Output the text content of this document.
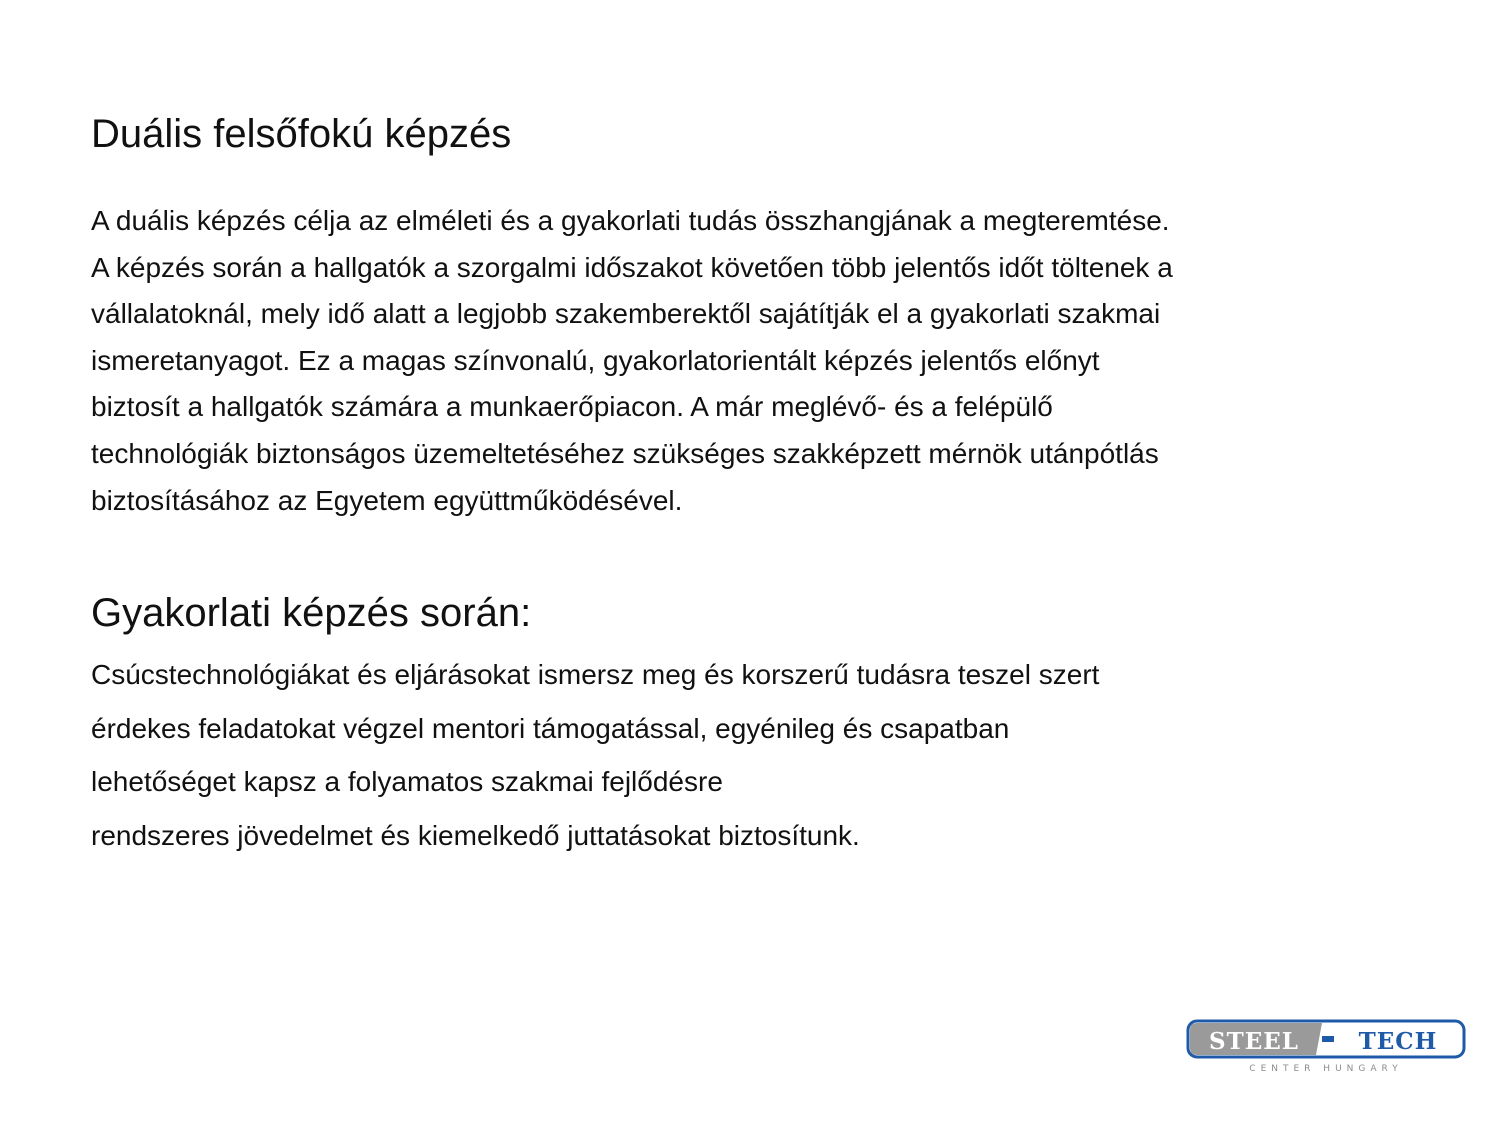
Duális felsőfokú képzés
A duális képzés célja az elméleti és a gyakorlati tudás összhangjának a megteremtése.
A képzés során a hallgatók a szorgalmi időszakot követően több jelentős időt töltenek a
vállalatoknál, mely idő alatt a legjobb szakemberektől sajátítják el a gyakorlati szakmai
ismeretanyagot. Ez a magas színvonalú, gyakorlatorientált képzés jelentős előnyt
biztosít a hallgatók számára a munkaerőpiacon. A már meglévő- és a felépülő
technológiák biztonságos üzemeltetéséhez szükséges szakképzett mérnök utánpótlás
biztosításához az Egyetem együttműködésével.
Gyakorlati képzés során:
Csúcstechnológiákat és eljárásokat ismersz meg és korszerű tudásra teszel szert
érdekes feladatokat végzel mentori támogatással, egyénileg és csapatban
lehetőséget kapsz a folyamatos szakmai fejlődésre
rendszeres jövedelmet és kiemelkedő juttatásokat biztosítunk.
STEEL	TECH
CENTER HUNGARY
